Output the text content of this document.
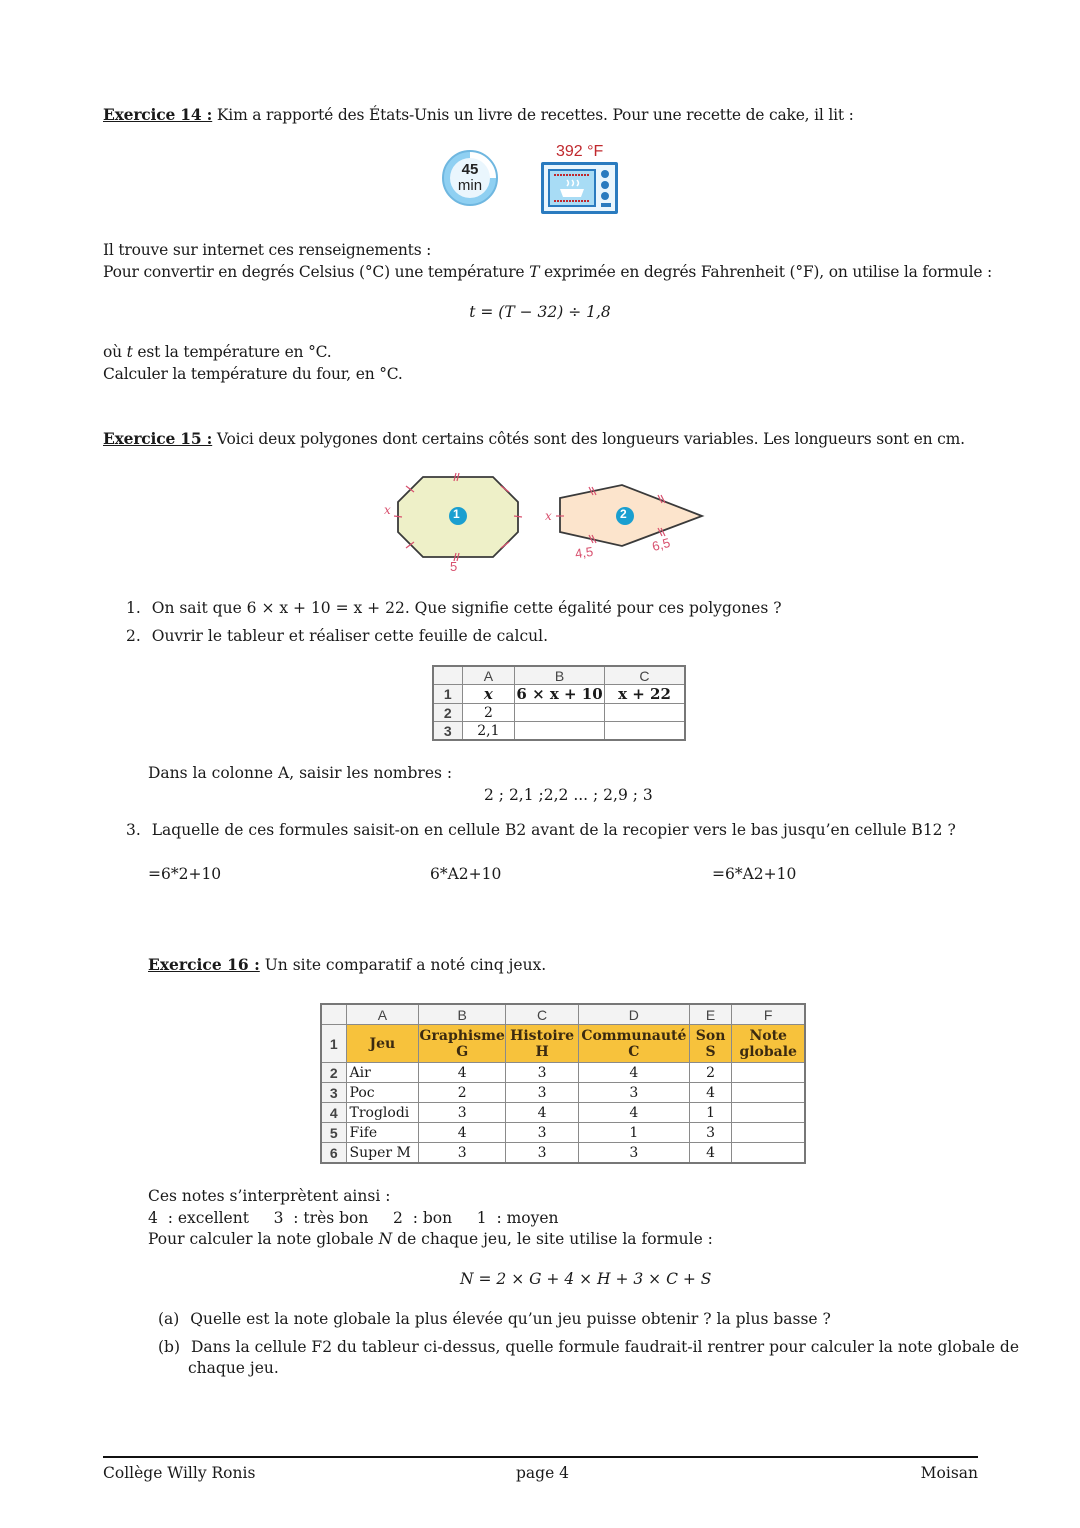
Exercice 14 : Kim a rapporté des États-Unis un livre de recettes. Pour une recette de cake, il lit :
45
min
392 °F
Il trouve sur internet ces renseignements :
Pour convertir en degrés Celsius (°C) une température T exprimée en degrés Fahrenheit (°F), on utilise la formule :
t = (T − 32) ÷ 1,8
où t est la température en °C.
Calculer la température du four, en °C.
Exercice 15 : Voici deux polygones dont certains côtés sont des longueurs variables. Les longueurs sont en cm.
1	2
x
5
x
4,5	6,5
1. On sait que 6 × x + 10 = x + 22. Que signifie cette égalité pour ces polygones ?
2. Ouvrir le tableur et réaliser cette feuille de calcul.
	A	B	C
1	x	6 × x + 10	x + 22
2	2		
3	2,1		
Dans la colonne A, saisir les nombres :
2 ; 2,1 ;2,2 ... ; 2,9 ; 3
3. Laquelle de ces formules saisit-on en cellule B2 avant de la recopier vers le bas jusqu’en cellule B12 ?
=6*2+10	6*A2+10	=6*A2+10
Exercice 16 : Un site comparatif a noté cinq jeux.
	A	B	C	D	E	F
1	Jeu	Graphisme G	Histoire H	Communauté C	Son S	Note globale
2	Air	4	3	4	2	
3	Poc	2	3	3	4	
4	Troglodi	3	4	4	1	
5	Fife	4	3	1	3	
6	Super M	3	3	3	4	
Ces notes s’interprètent ainsi :
4  : excellent     3  : très bon     2  : bon     1  : moyen
Pour calculer la note globale N de chaque jeu, le site utilise la formule :
N = 2 × G + 4 × H + 3 × C + S
(a) Quelle est la note globale la plus élevée qu’un jeu puisse obtenir ? la plus basse ?
(b) Dans la cellule F2 du tableur ci-dessus, quelle formule faudrait-il rentrer pour calculer la note globale de
chaque jeu.
Collège Willy Ronis	page 4	Moisan
